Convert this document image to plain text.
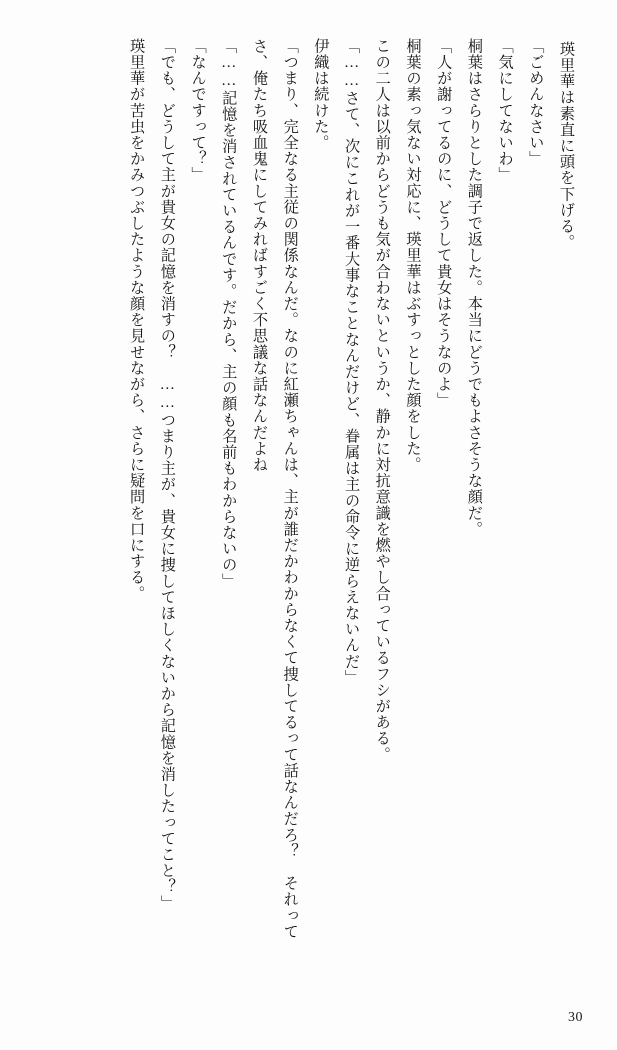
瑛里華は素直に頭を下げる。

「ごめんなさい」

「気にしてないわ」

桐葉はさらりとした調子で返した。本当にどうでもよさそうな顔だ。

「人が謝ってるのに、どうして貴女はそうなのよ」

桐葉の素っ気ない対応に、瑛里華はぶすっとした顔をした。

この二人は以前からどうも気が合わないというか、静かに対抗意識を燃やし合っているフシがある。

「……さて、次にこれが一番大事なことなんだけど、眷属は主の命令に逆らえないんだ」

伊織は続けた。

「つまり、完全なる主従の関係なんだ。なのに紅瀬ちゃんは、主が誰だかわからなくて捜してるって話なんだろ？　それってさ、俺たち吸血鬼にしてみればすごく不思議な話なんだよね

「……記憶を消されているんです。だから、主の顔も名前もわからないの」

「なんですって？」

「でも、どうして主が貴女の記憶を消すの？　……つまり主が、貴女に捜してほしくないから記憶を消したってこと？」

瑛里華が苦虫をかみつぶしたような顔を見せながら、さらに疑問を口にする。

30
